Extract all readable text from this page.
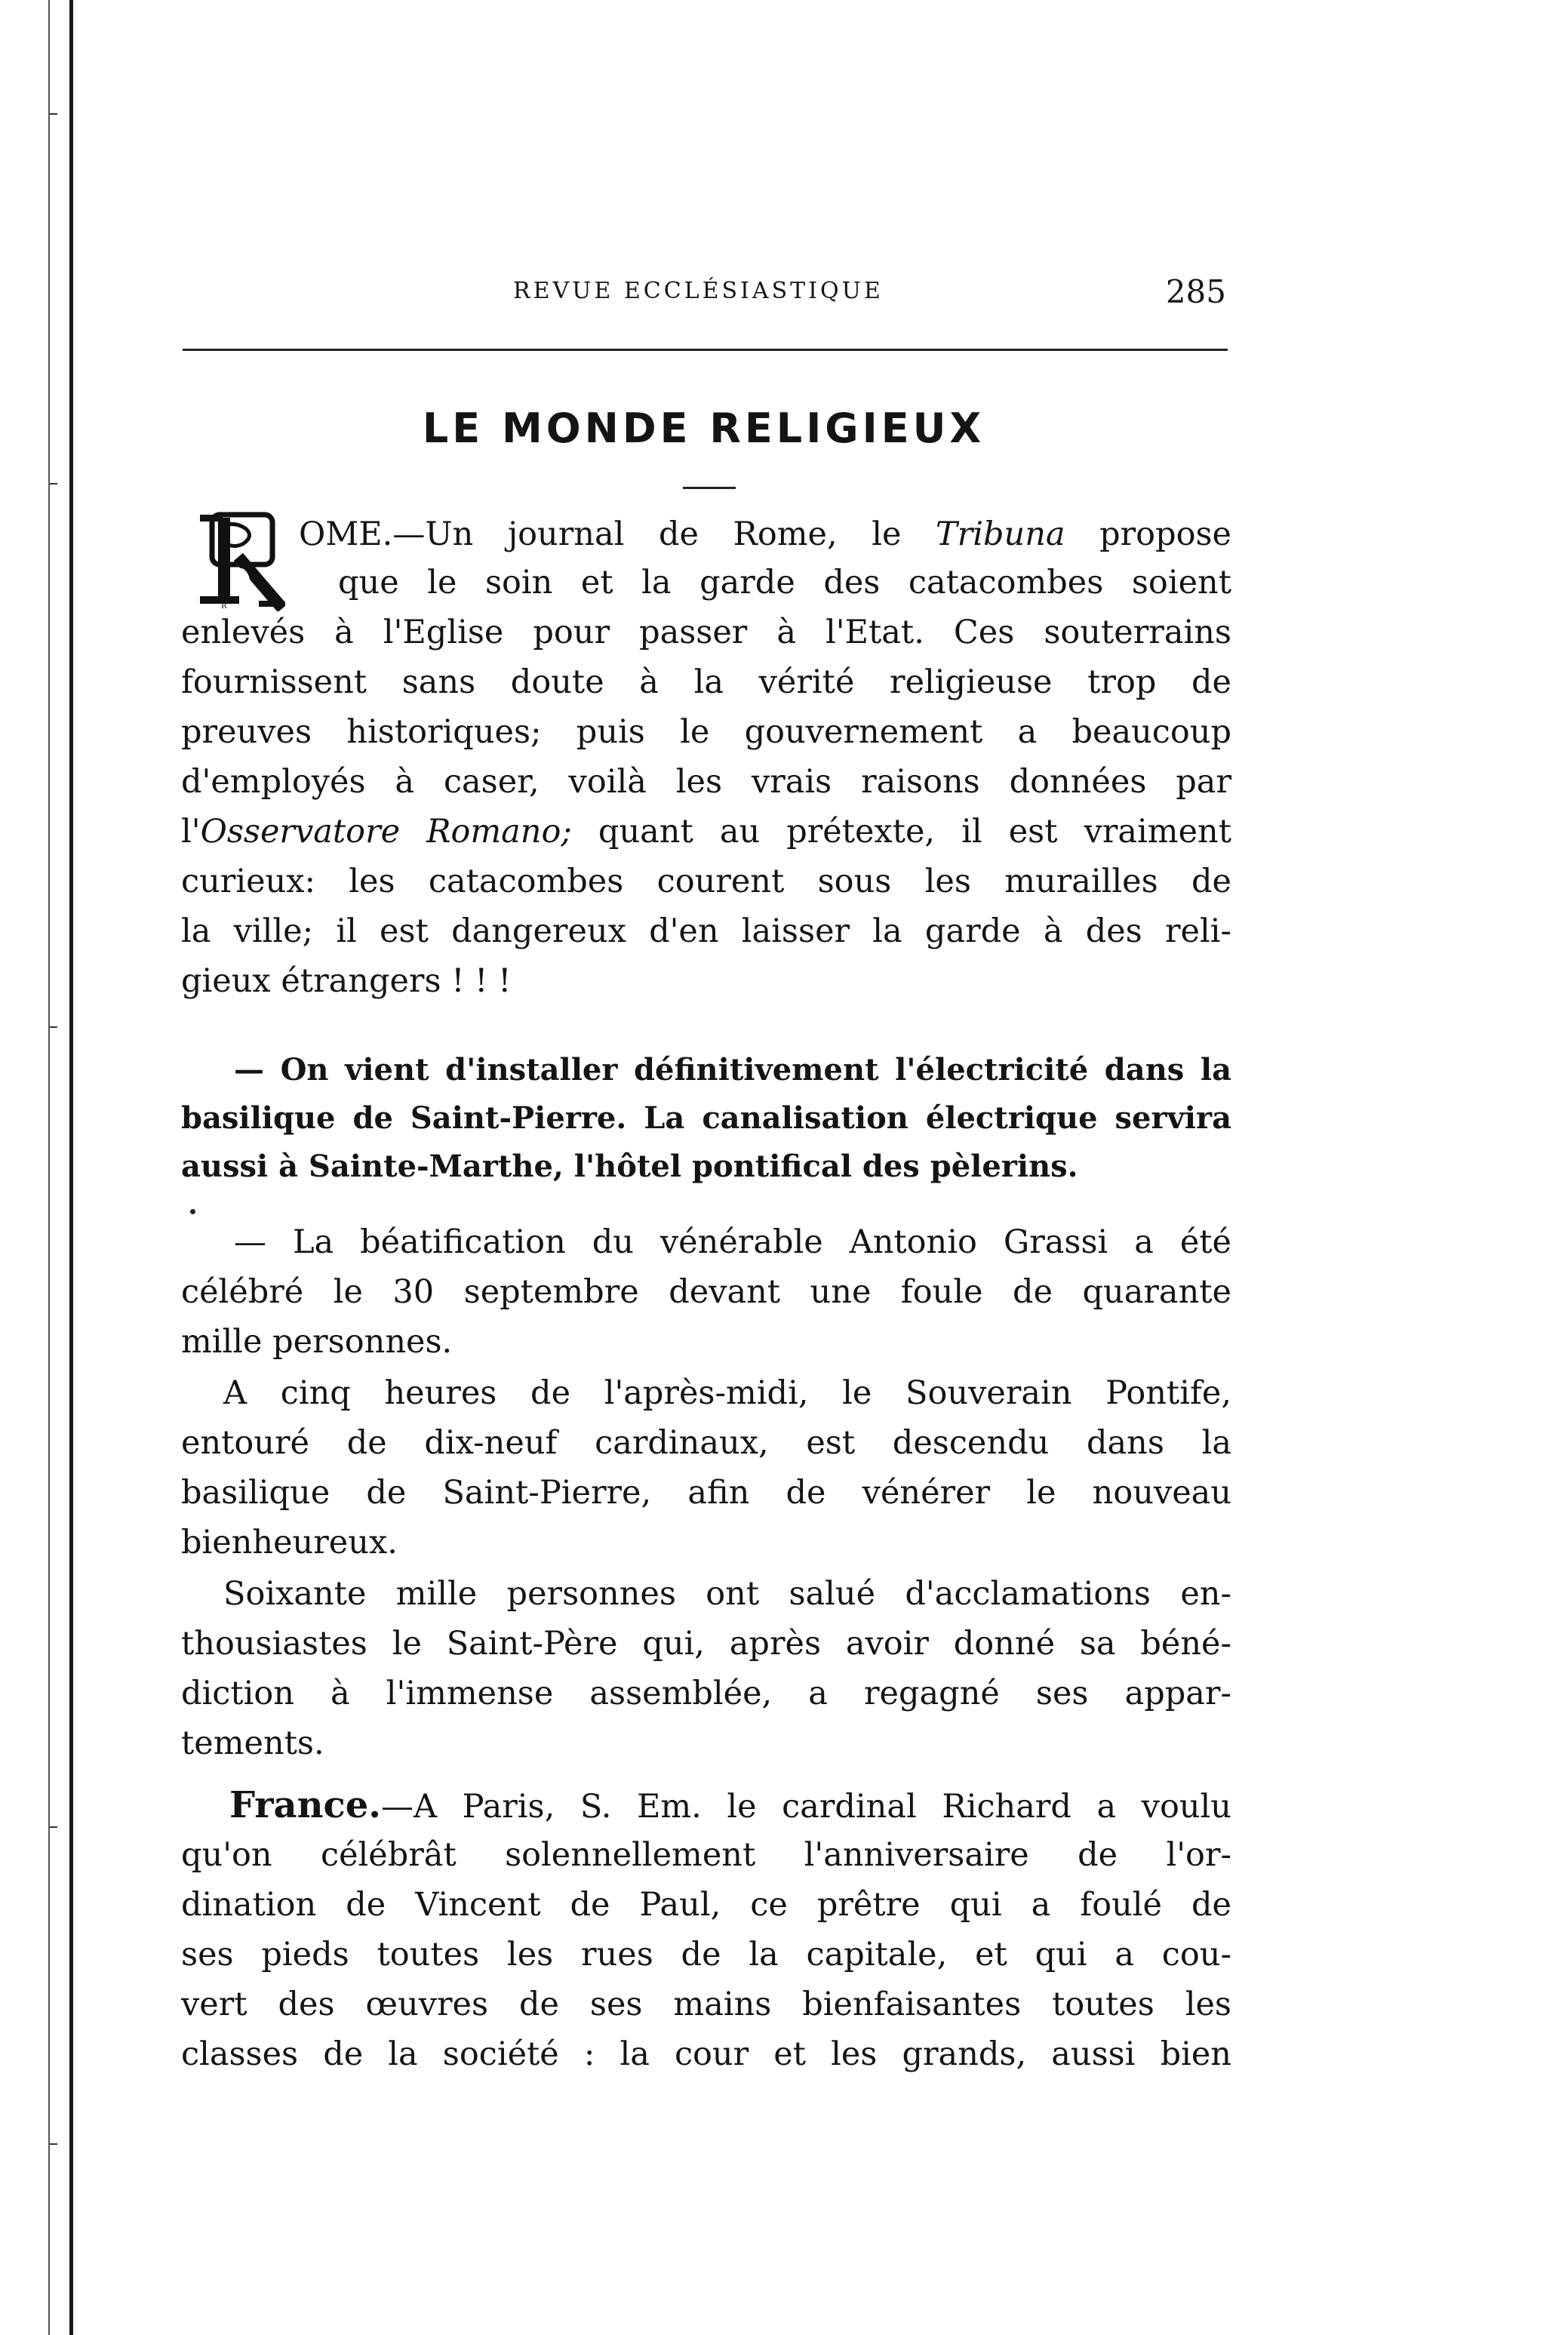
REVUE ECCLÉSIASTIQUE	285
LE MONDE RELIGIEUX
R
OME.—Un journal de Rome, le Tribuna propose
que le soin et la garde des catacombes soient
enlevés à l'Eglise pour passer à l'Etat. Ces souterrains
fournissent sans doute à la vérité religieuse trop de
preuves historiques; puis le gouvernement a beaucoup
d'employés à caser, voilà les vrais raisons données par
l'Osservatore Romano; quant au prétexte, il est vraiment
curieux: les catacombes courent sous les murailles de
la ville; il est dangereux d'en laisser la garde à des reli-
gieux étrangers ! ! !
— On vient d'installer définitivement l'électricité dans la
basilique de Saint-Pierre. La canalisation électrique servira
aussi à Sainte-Marthe, l'hôtel pontifical des pèlerins.
— La béatification du vénérable Antonio Grassi a été
célébré le 30 septembre devant une foule de quarante
mille personnes.
A cinq heures de l'après-midi, le Souverain Pontife,
entouré de dix-neuf cardinaux, est descendu dans la
basilique de Saint-Pierre, afin de vénérer le nouveau
bienheureux.
Soixante mille personnes ont salué d'acclamations en-
thousiastes le Saint-Père qui, après avoir donné sa béné-
diction à l'immense assemblée, a regagné ses appar-
tements.
France.—A Paris, S. Em. le cardinal Richard a voulu
qu'on célébrât solennellement l'anniversaire de l'or-
dination de Vincent de Paul, ce prêtre qui a foulé de
ses pieds toutes les rues de la capitale, et qui a cou-
vert des œuvres de ses mains bienfaisantes toutes les
classes de la société : la cour et les grands, aussi bien
